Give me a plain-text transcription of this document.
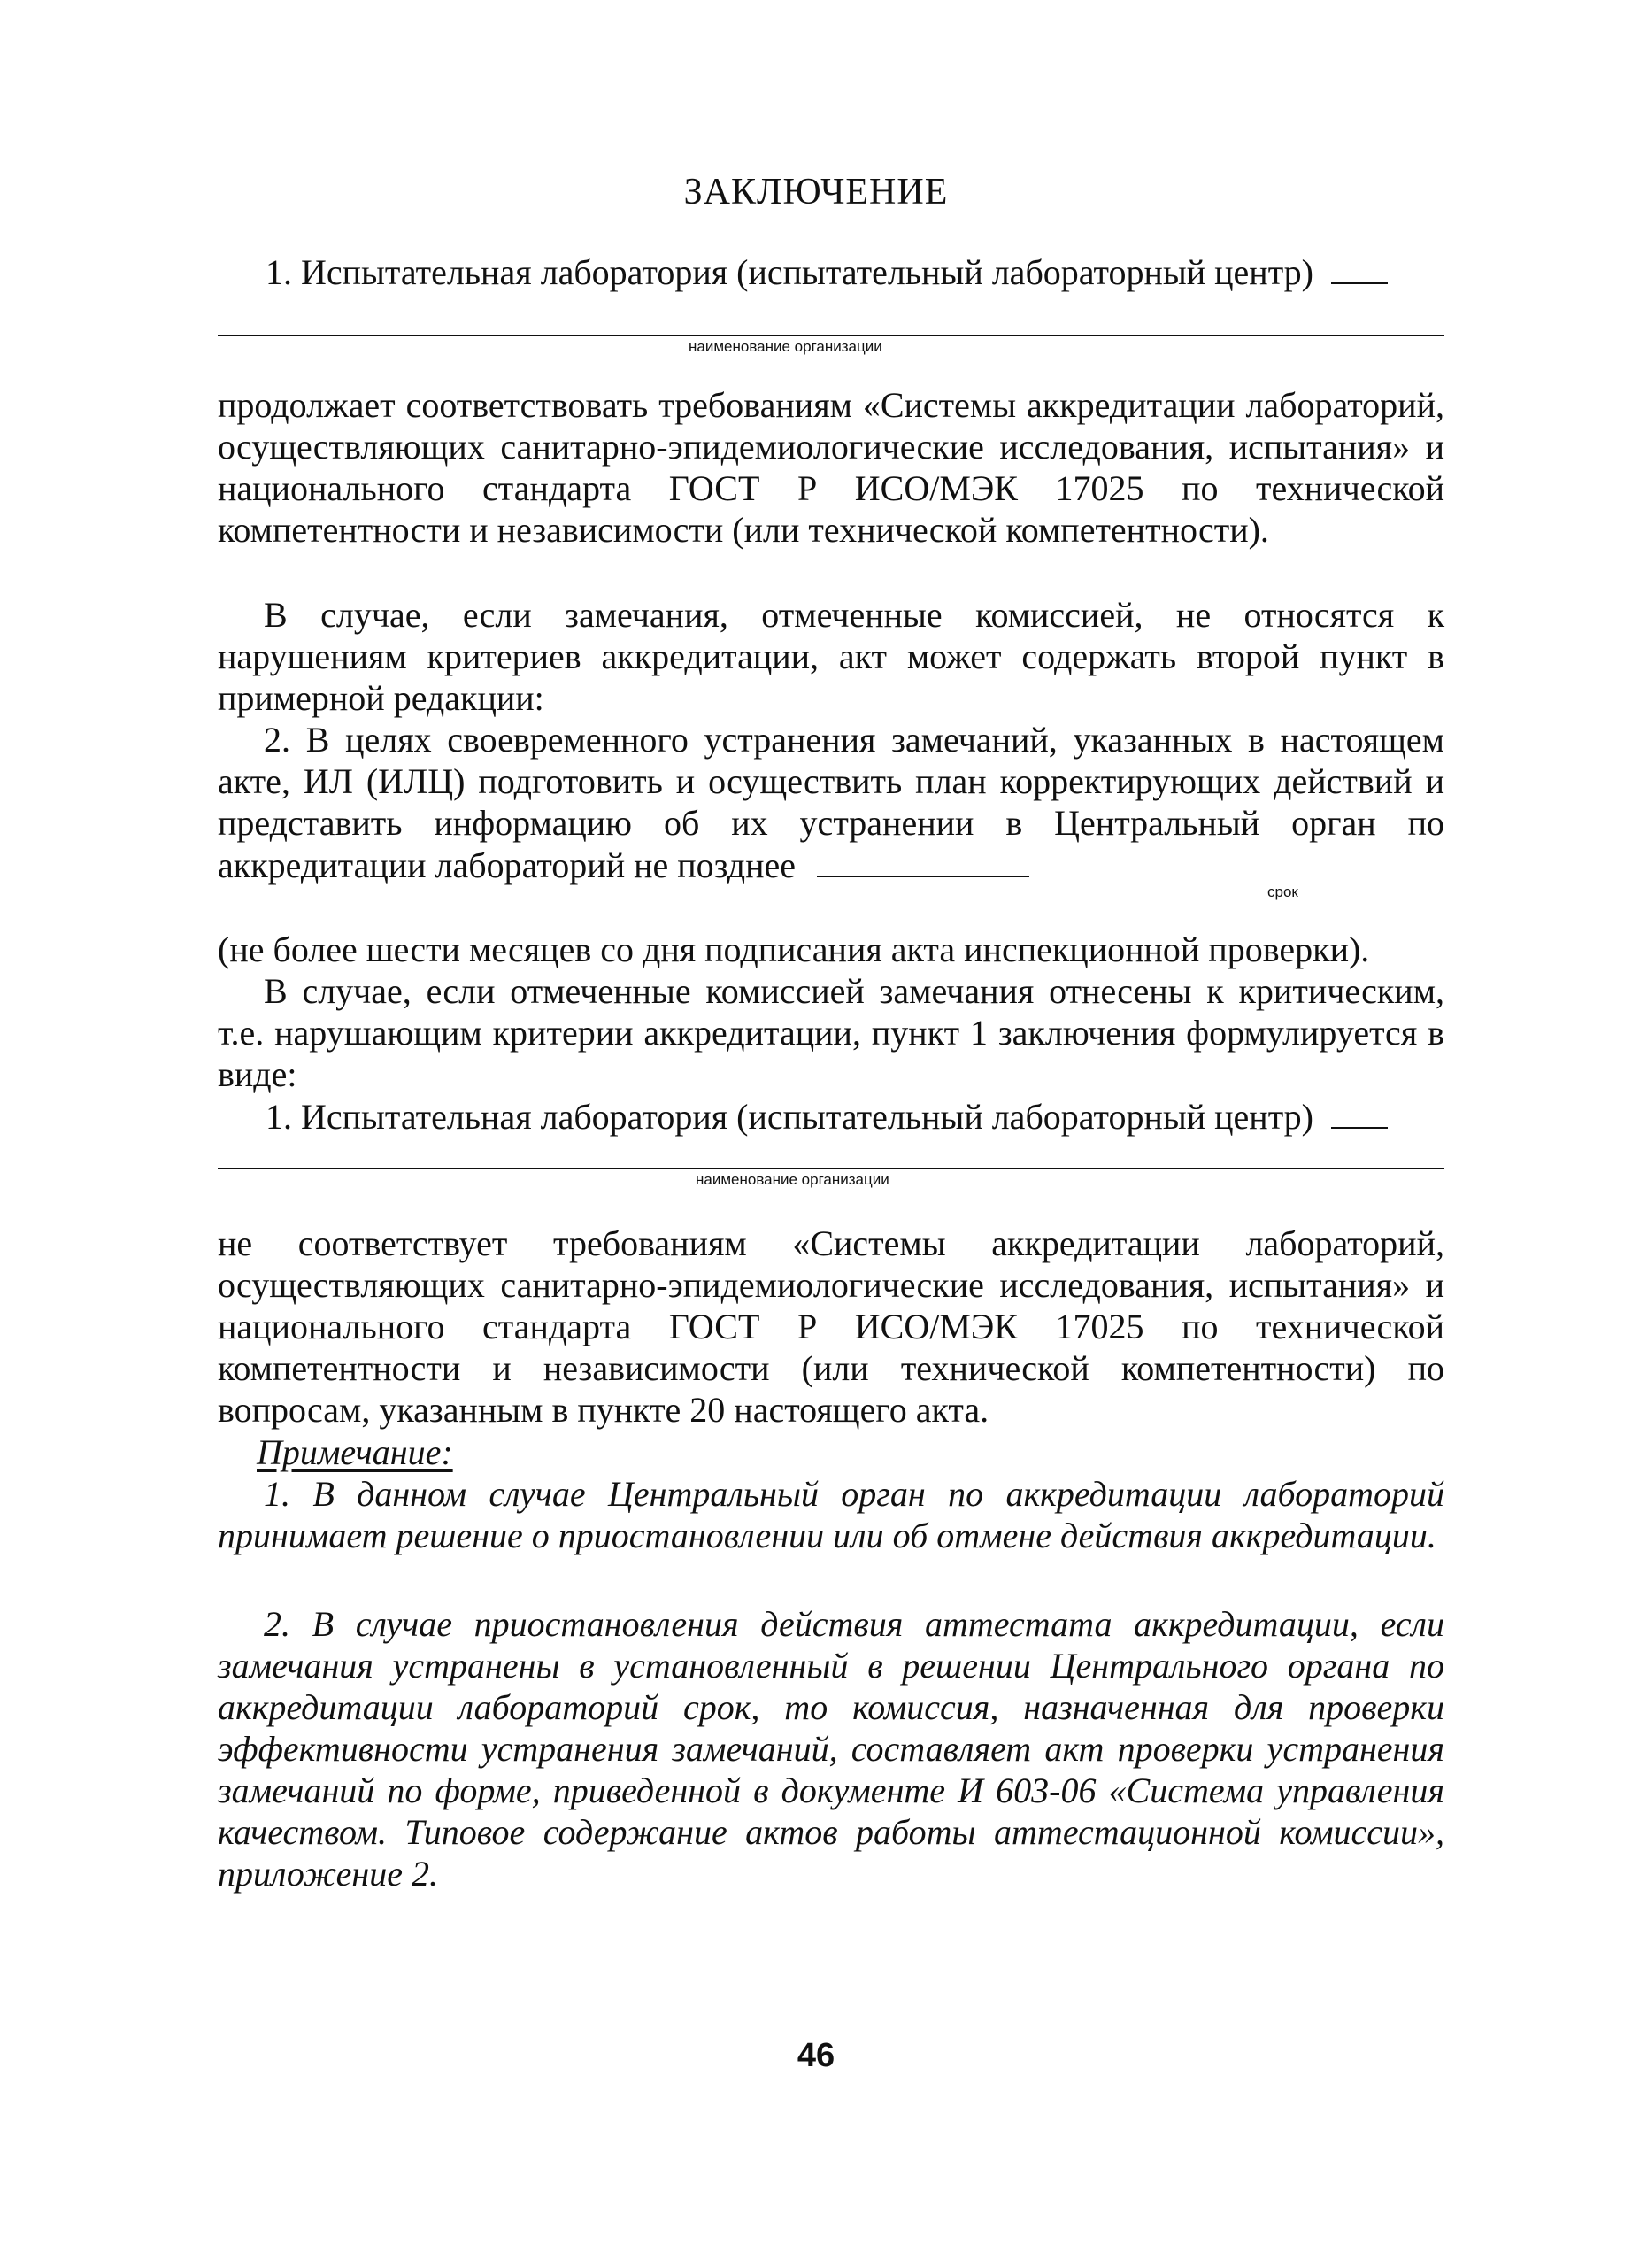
ЗАКЛЮЧЕНИЕ
1. Испытательная лаборатория (испытательный лабораторный центр)
наименование организации
продолжает соответствовать требованиям «Системы аккредитации лабораторий, осуществляющих санитарно-эпидемиологические исследования, испытания» и национального стандарта ГОСТ Р ИСО/МЭК 17025 по технической компетентности и независимости (или технической компетентности).
В случае, если замечания, отмеченные комиссией, не относятся к нарушениям критериев аккредитации, акт может содержать второй пункт в примерной редакции:
2. В целях своевременного устранения замечаний, указанных в настоящем акте, ИЛ (ИЛЦ) подготовить и осуществить план корректирующих действий и представить информацию об их устранении в Центральный орган по аккредитации лабораторий не позднее
срок
(не более шести месяцев со дня подписания акта инспекционной проверки).
В случае, если отмеченные комиссией замечания отнесены к критическим, т.е. нарушающим критерии аккредитации, пункт 1 заключения формулируется в виде:
1. Испытательная лаборатория (испытательный лабораторный центр)
наименование организации
не соответствует требованиям «Системы аккредитации лабораторий, осуществляющих санитарно-эпидемиологические исследования, испытания» и национального стандарта ГОСТ Р ИСО/МЭК 17025 по технической компетентности и независимости (или технической компетентности) по вопросам, указанным в пункте 20 настоящего акта.
Примечание:
1. В данном случае Центральный орган по аккредитации лабораторий принимает решение о приостановлении или об отмене действия аккредитации.
2. В случае приостановления действия аттестата аккредитации, если замечания устранены в установленный в решении Центрального органа по аккредитации лабораторий срок, то комиссия, назначенная для проверки эффективности устранения замечаний, составляет акт проверки устранения замечаний по форме, приведенной в документе И 603-06 «Система управления качеством. Типовое содержание актов работы аттестационной комиссии», приложение 2.
46
